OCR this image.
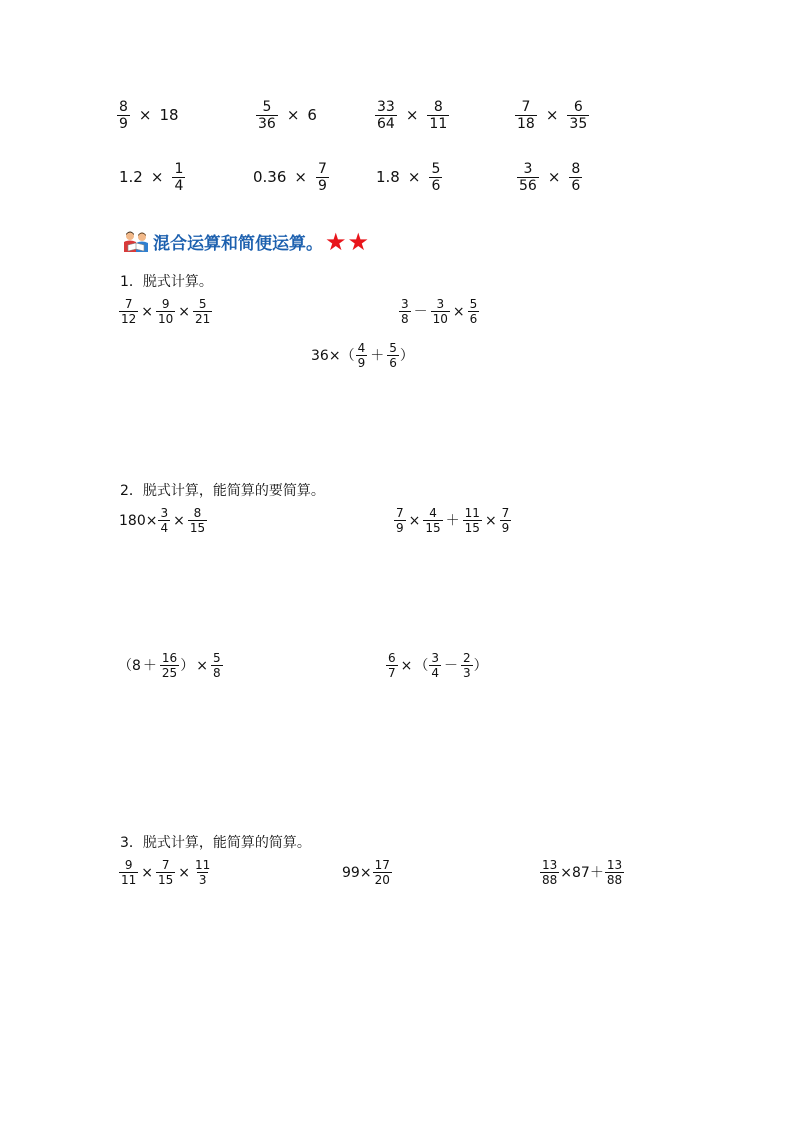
$\frac{8}{9} \times 18$	$\frac{5}{36} \times 6$	$\frac{33}{64} \times \frac{8}{11}$	$\frac{7}{18} \times \frac{6}{35}$
$1.2 \times \frac{1}{4}$	$0.36 \times \frac{7}{9}$	$1.8 \times \frac{5}{6}$	$\frac{3}{56} \times \frac{8}{6}$
混合运算和简便运算。 ★ ★
1．脱式计算。
$\frac{7}{12} \times \frac{9}{10} \times \frac{5}{21}$	$\frac{3}{8} - \frac{3}{10} \times \frac{5}{6}$
36 × （ $\frac{4}{9} + \frac{5}{6}$ ）
2．脱式计算，能简算的要简算。
$180 \times \frac{3}{4} \times \frac{8}{15}$	$\frac{7}{9} \times \frac{4}{15} + \frac{11}{15} \times \frac{7}{9}$
（ $8 + \frac{16}{25}$ ） × $\frac{5}{8}$	$\frac{6}{7}$ × （ $\frac{3}{4} - \frac{2}{3}$ ）
3．脱式计算，能简算的简算。
$\frac{9}{11} \times \frac{7}{15} \times \frac{11}{3}$	$99 \times \frac{17}{20}$	$\frac{13}{88} \times 87 + \frac{13}{88}$
